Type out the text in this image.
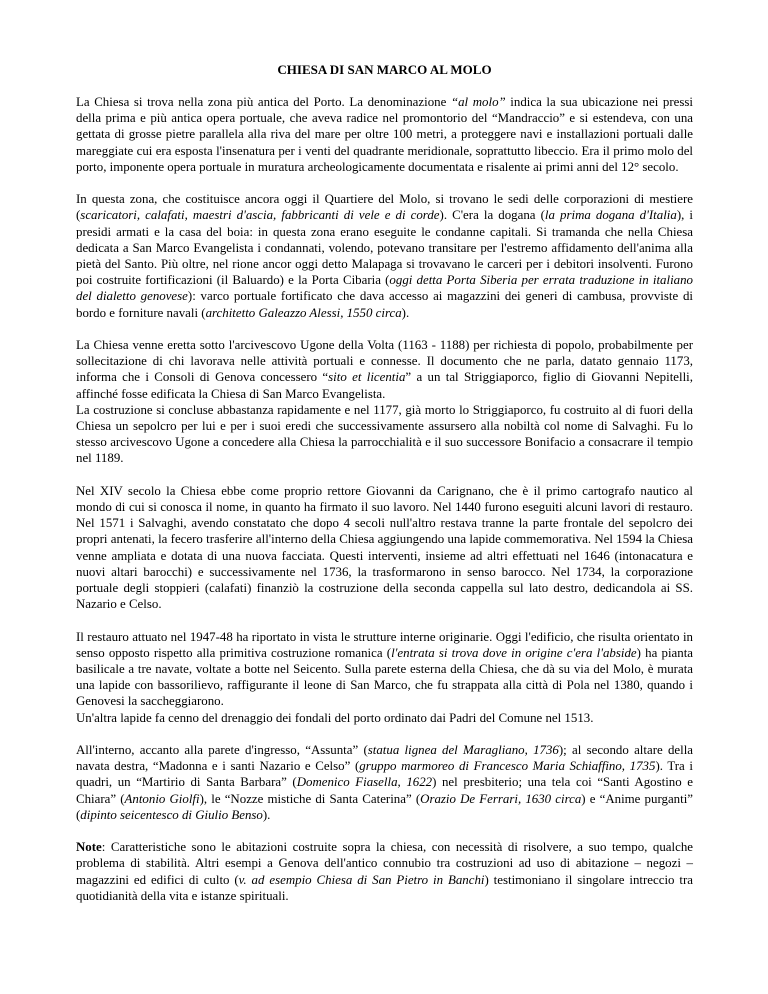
CHIESA DI SAN MARCO AL MOLO

La Chiesa si trova nella zona più antica del Porto. La denominazione “al molo” indica la sua ubicazione nei pressi della prima e più antica opera portuale, che aveva radice nel promontorio del “Mandraccio” e si estendeva, con una gettata di grosse pietre parallela alla riva del mare per oltre 100 metri, a proteggere navi e installazioni portuali dalle mareggiate cui era esposta l'insenatura per i venti del quadrante meridionale, soprattutto libeccio. Era il primo molo del porto, imponente opera portuale in muratura archeologicamente documentata e risalente ai primi anni del 12° secolo.

In questa zona, che costituisce ancora oggi il Quartiere del Molo, si trovano le sedi delle corporazioni di mestiere (scaricatori, calafati, maestri d'ascia, fabbricanti di vele e di corde). C'era la dogana (la prima dogana d'Italia), i presidi armati e la casa del boia: in questa zona erano eseguite le condanne capitali. Si tramanda che nella Chiesa dedicata a San Marco Evangelista i condannati, volendo, potevano transitare per l'estremo affidamento dell'anima alla pietà del Santo. Più oltre, nel rione ancor oggi detto Malapaga si trovavano le carceri per i debitori insolventi. Furono poi costruite fortificazioni (il Baluardo) e la Porta Cibaria (oggi detta Porta Siberia per errata traduzione in italiano del dialetto genovese): varco portuale fortificato che dava accesso ai magazzini dei generi di cambusa, provviste di bordo e forniture navali (architetto Galeazzo Alessi, 1550 circa).

La Chiesa venne eretta sotto l'arcivescovo Ugone della Volta (1163 - 1188) per richiesta di popolo, probabilmente per sollecitazione di chi lavorava nelle attività portuali e connesse. Il documento che ne parla, datato gennaio 1173, informa che i Consoli di Genova concessero “sito et licentia” a un tal Striggiaporco, figlio di Giovanni Nepitelli, affinché fosse edificata la Chiesa di San Marco Evangelista.

La costruzione si concluse abbastanza rapidamente e nel 1177, già morto lo Striggiaporco, fu costruito al di fuori della Chiesa un sepolcro per lui e per i suoi eredi che successivamente assursero alla nobiltà col nome di Salvaghi. Fu lo stesso arcivescovo Ugone a concedere alla Chiesa la parrocchialità e il suo successore Bonifacio a consacrare il tempio nel 1189.

Nel XIV secolo la Chiesa ebbe come proprio rettore Giovanni da Carignano, che è il primo cartografo nautico al mondo di cui si conosca il nome, in quanto ha firmato il suo lavoro. Nel 1440 furono eseguiti alcuni lavori di restauro. Nel 1571 i Salvaghi, avendo constatato che dopo 4 secoli null'altro restava tranne la parte frontale del sepolcro dei propri antenati, la fecero trasferire all'interno della Chiesa aggiungendo una lapide commemorativa. Nel 1594 la Chiesa venne ampliata e dotata di una nuova facciata. Questi interventi, insieme ad altri effettuati nel 1646 (intonacatura e nuovi altari barocchi) e successivamente nel 1736, la trasformarono in senso barocco. Nel 1734, la corporazione portuale degli stoppieri (calafati) finanziò la costruzione della seconda cappella sul lato destro, dedicandola ai SS. Nazario e Celso.

Il restauro attuato nel 1947-48 ha riportato in vista le strutture interne originarie. Oggi l'edificio, che risulta orientato in senso opposto rispetto alla primitiva costruzione romanica (l'entrata si trova dove in origine c'era l'abside) ha pianta basilicale a tre navate, voltate a botte nel Seicento. Sulla parete esterna della Chiesa, che dà su via del Molo, è murata una lapide con bassorilievo, raffigurante il leone di San Marco, che fu strappata alla città di Pola nel 1380, quando i Genovesi la saccheggiarono.

Un'altra lapide fa cenno del drenaggio dei fondali del porto ordinato dai Padri del Comune nel 1513.

All'interno, accanto alla parete d'ingresso, “Assunta” (statua lignea del Maragliano, 1736); al secondo altare della navata destra, “Madonna e i santi Nazario e Celso” (gruppo marmoreo di Francesco Maria Schiaffino, 1735). Tra i quadri, un “Martirio di Santa Barbara” (Domenico Fiasella, 1622) nel presbiterio; una tela coi “Santi Agostino e Chiara” (Antonio Giolfi), le “Nozze mistiche di Santa Caterina” (Orazio De Ferrari, 1630 circa) e “Anime purganti” (dipinto seicentesco di Giulio Benso).

Note: Caratteristiche sono le abitazioni costruite sopra la chiesa, con necessità di risolvere, a suo tempo, qualche problema di stabilità. Altri esempi a Genova dell'antico connubio tra costruzioni ad uso di abitazione – negozi – magazzini ed edifici di culto (v. ad esempio Chiesa di San Pietro in Banchi) testimoniano il singolare intreccio tra quotidianità della vita e istanze spirituali.
